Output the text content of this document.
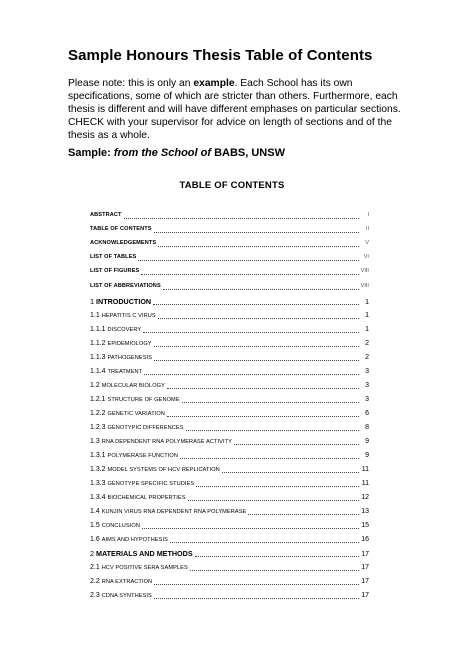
Sample Honours Thesis Table of Contents
Please note: this is only an example. Each School has its own specifications, some of which are stricter than others. Furthermore, each thesis is different and will have different emphases on particular sections. CHECK with your supervisor for advice on length of sections and of the thesis as a whole.
Sample: from the School of BABS, UNSW
TABLE OF CONTENTS
ABSTRACT	I
TABLE OF CONTENTS	II
ACKNOWLEDGEMENTS	V
LIST OF TABLES	VI
LIST OF FIGURES	VIII
LIST OF ABBREVIATIONS	VIII
1 INTRODUCTION	1
1.1 HEPATITIS C VIRUS	1
1.1.1 DISCOVERY	1
1.1.2 EPIDEMIOLOGY	2
1.1.3 PATHOGENESIS	2
1.1.4 TREATMENT	3
1.2 MOLECULAR BIOLOGY	3
1.2.1 STRUCTURE OF GENOME	3
1.2.2 GENETIC VARIATION	6
1.2.3 GENOTYPIC DIFFERENCES	8
1.3 RNA DEPENDENT RNA POLYMERASE ACTIVITY	9
1.3.1 POLYMERASE FUNCTION	9
1.3.2 MODEL SYSTEMS OF HCV REPLICATION	11
1.3.3 GENOTYPE SPECIFIC STUDIES	11
1.3.4 BIOCHEMICAL PROPERTIES	12
1.4 KUNJIN VIRUS RNA DEPENDENT RNA POLYMERASE	13
1.5 CONCLUSION	15
1.6 AIMS AND HYPOTHESIS	16
2 MATERIALS AND METHODS	17
2.1 HCV POSITIVE SERA SAMPLES	17
2.2 RNA EXTRACTION	17
2.3 CDNA SYNTHESIS	17
